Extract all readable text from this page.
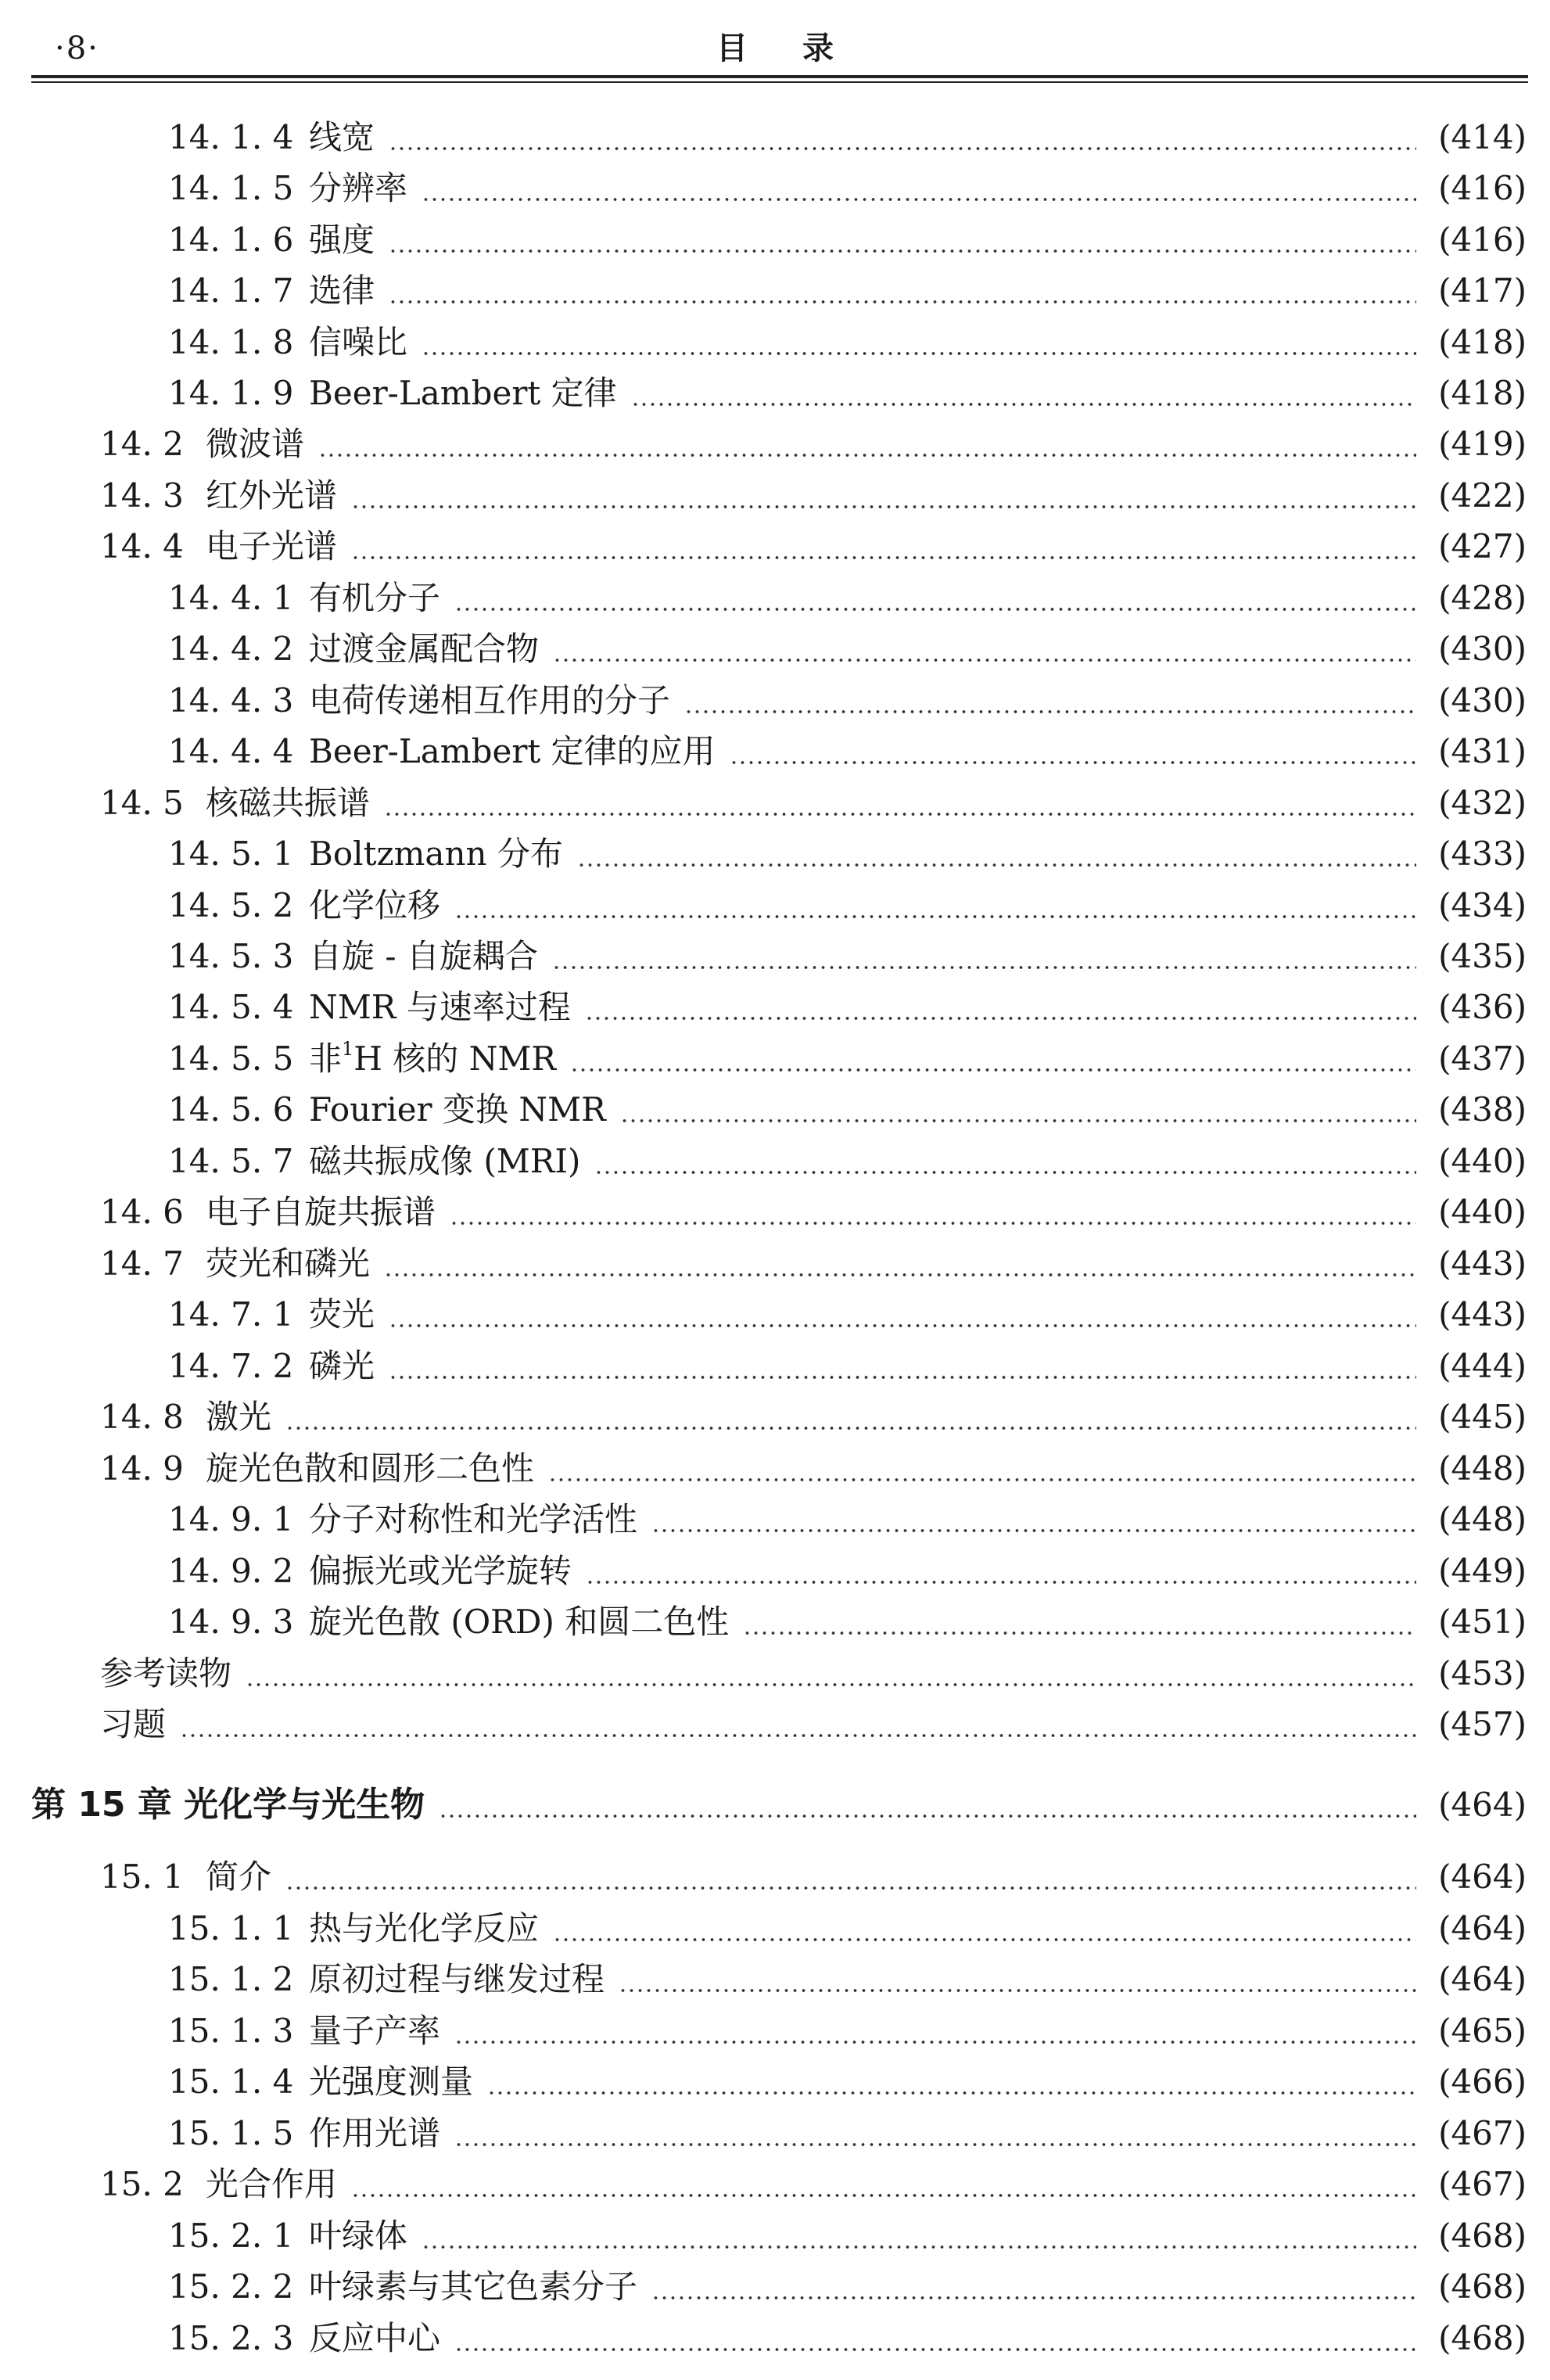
·8·	目 录
14. 1. 4 线宽	(414)
14. 1. 5 分辨率	(416)
14. 1. 6 强度	(416)
14. 1. 7 选律	(417)
14. 1. 8 信噪比	(418)
14. 1. 9 Beer-Lambert 定律	(418)
14. 2 微波谱	(419)
14. 3 红外光谱	(422)
14. 4 电子光谱	(427)
14. 4. 1 有机分子	(428)
14. 4. 2 过渡金属配合物	(430)
14. 4. 3 电荷传递相互作用的分子	(430)
14. 4. 4 Beer-Lambert 定律的应用	(431)
14. 5 核磁共振谱	(432)
14. 5. 1 Boltzmann 分布	(433)
14. 5. 2 化学位移	(434)
14. 5. 3 自旋 - 自旋耦合	(435)
14. 5. 4 NMR 与速率过程	(436)
14. 5. 5 非$^1$H 核的 NMR	(437)
14. 5. 6 Fourier 变换 NMR	(438)
14. 5. 7 磁共振成像 (MRI)	(440)
14. 6 电子自旋共振谱	(440)
14. 7 荧光和磷光	(443)
14. 7. 1 荧光	(443)
14. 7. 2 磷光	(444)
14. 8 激光	(445)
14. 9 旋光色散和圆形二色性	(448)
14. 9. 1 分子对称性和光学活性	(448)
14. 9. 2 偏振光或光学旋转	(449)
14. 9. 3 旋光色散 (ORD) 和圆二色性	(451)
参考读物	(453)
习题	(457)
第 15 章 光化学与光生物	(464)
15. 1 简介	(464)
15. 1. 1 热与光化学反应	(464)
15. 1. 2 原初过程与继发过程	(464)
15. 1. 3 量子产率	(465)
15. 1. 4 光强度测量	(466)
15. 1. 5 作用光谱	(467)
15. 2 光合作用	(467)
15. 2. 1 叶绿体	(468)
15. 2. 2 叶绿素与其它色素分子	(468)
15. 2. 3 反应中心	(468)
